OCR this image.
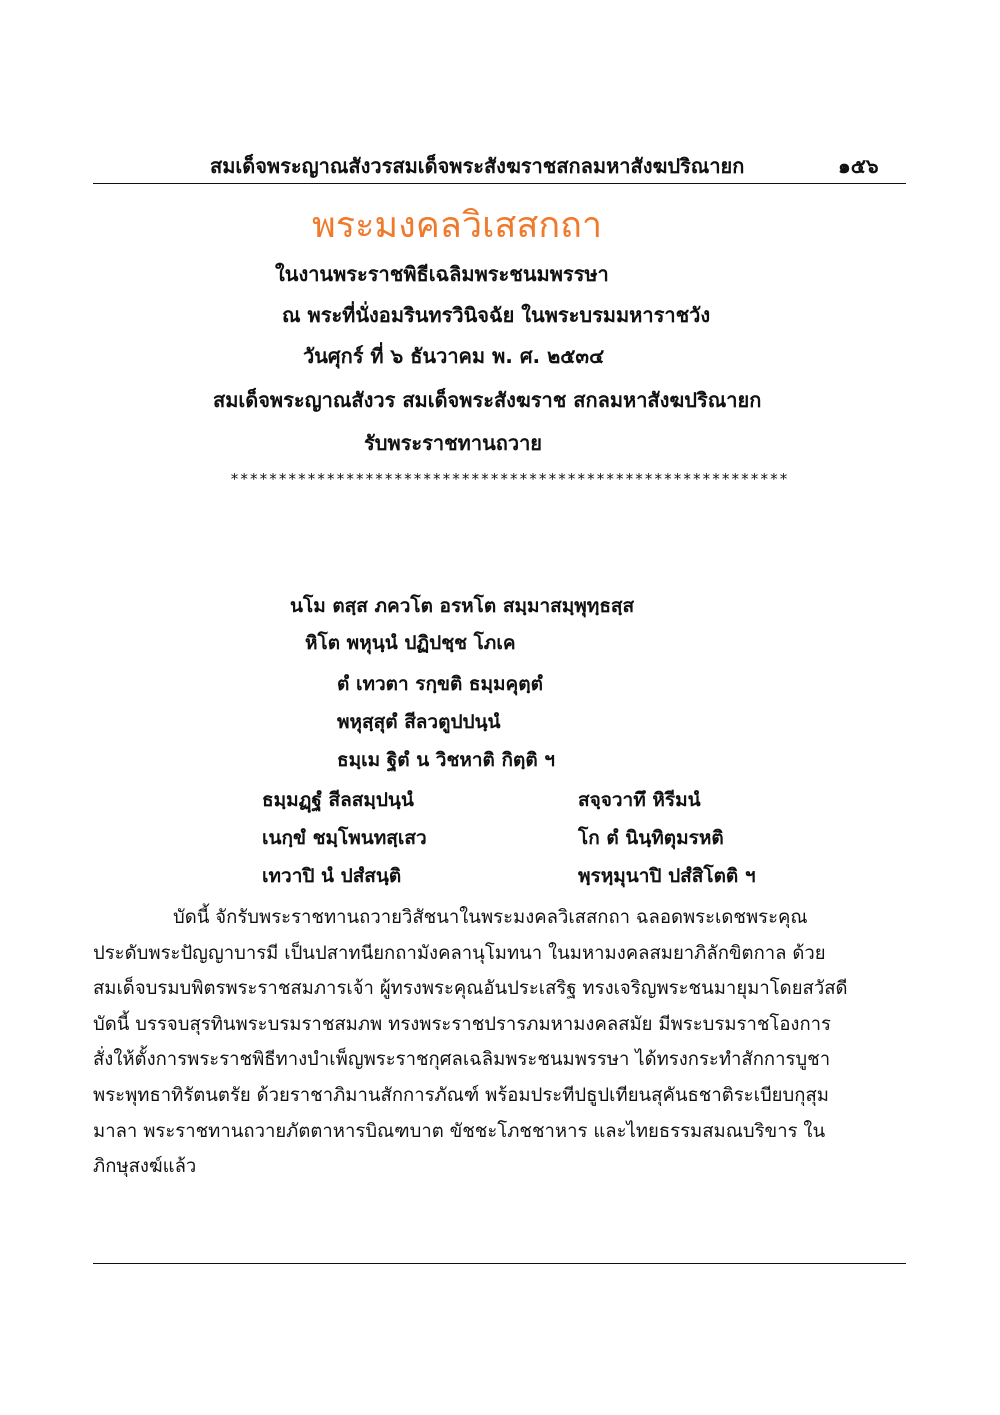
สมเด็จพระญาณสังวรสมเด็จพระสังฆราชสกลมหาสังฆปริณายก	๑๕๖
พระมงคลวิเสสกถา
ในงานพระราชพิธีเฉลิมพระชนมพรรษา
ณ พระที่นั่งอมรินทรวินิจฉัย ในพระบรมมหาราชวัง
วันศุกร์ ที่ ๖ ธันวาคม พ. ศ. ๒๕๓๔
สมเด็จพระญาณสังวร สมเด็จพระสังฆราช สกลมหาสังฆปริณายก
รับพระราชทานถวาย
**********************************************************
นโม ตสฺส ภควโต อรหโต สมฺมาสมฺพุทฺธสฺส
หิโต พหุนฺนํ ปฏิปชฺช โภเค
ตํ เทวตา รกฺขติ ธมฺมคุตฺตํ
พหุสฺสุตํ สีลวตูปปนฺนํ
ธมฺเม ฐิตํ น วิชหาติ กิตฺติ ฯ
ธมฺมฏฺฐํ สีลสมฺปนฺนํ	สจฺจวาทึ หิรีมนํ
เนกฺขํ ชมฺโพนทสฺเสว	โก ตํ นินฺทิตุมรหติ
เทวาปิ นํ ปสํสนฺติ	พฺรหฺมุนาปิ ปสํสิโตติ ฯ
บัดนี้ จักรับพระราชทานถวายวิสัชนาในพระมงคลวิเสสกถา ฉลอดพระเดชพระคุณ
ประดับพระปัญญาบารมี เป็นปสาทนียกถามังคลานุโมทนา ในมหามงคลสมยาภิลักขิตกาล ด้วย
สมเด็จบรมบพิตรพระราชสมภารเจ้า ผู้ทรงพระคุณอันประเสริฐ ทรงเจริญพระชนมายุมาโดยสวัสดี
บัดนี้ บรรจบสุรทินพระบรมราชสมภพ ทรงพระราชปรารภมหามงคลสมัย มีพระบรมราชโองการ
สั่งให้ตั้งการพระราชพิธีทางบำเพ็ญพระราชกุศลเฉลิมพระชนมพรรษา ได้ทรงกระทำสักการบูชา
พระพุทธาทิรัตนตรัย ด้วยราชาภิมานสักการภัณฑ์ พร้อมประทีปธูปเทียนสุคันธชาติระเบียบกุสุม
มาลา พระราชทานถวายภัตตาหารบิณฑบาต ขัชชะโภชชาหาร และไทยธรรมสมณบริขาร ใน
ภิกษุสงฆ์แล้ว
